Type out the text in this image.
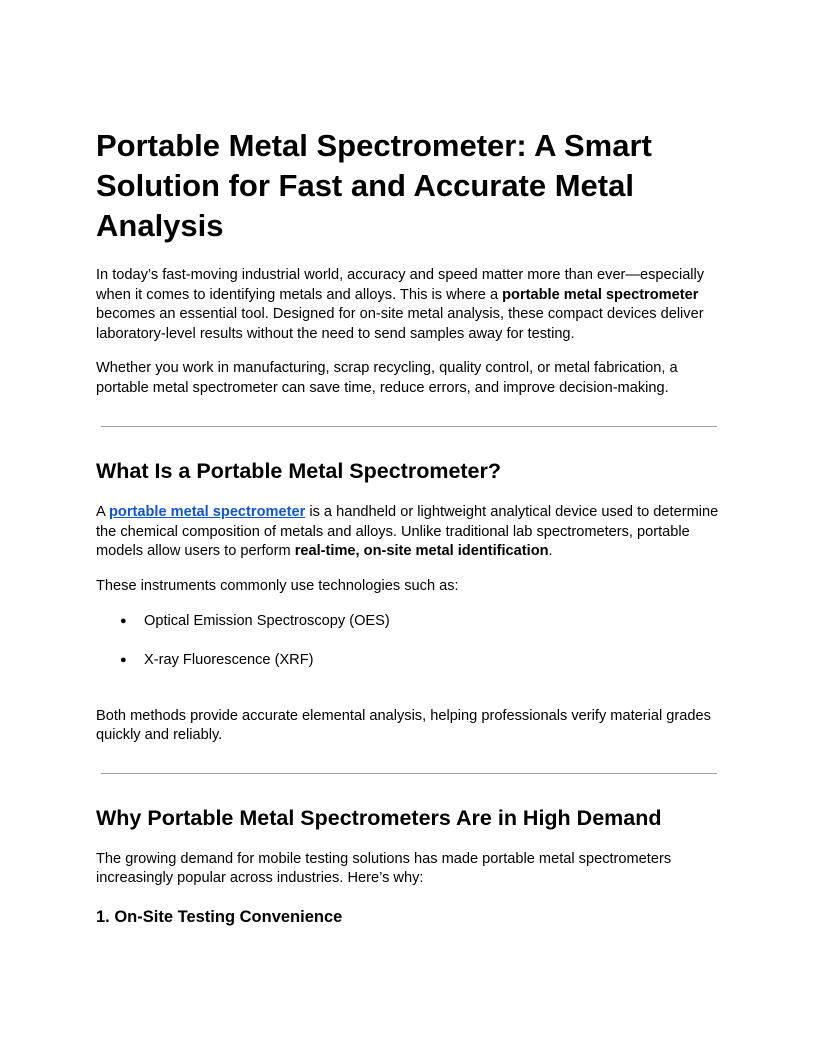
Portable Metal Spectrometer: A Smart Solution for Fast and Accurate Metal Analysis

In today’s fast-moving industrial world, accuracy and speed matter more than ever—especially when it comes to identifying metals and alloys. This is where a portable metal spectrometer becomes an essential tool. Designed for on-site metal analysis, these compact devices deliver laboratory-level results without the need to send samples away for testing.

Whether you work in manufacturing, scrap recycling, quality control, or metal fabrication, a portable metal spectrometer can save time, reduce errors, and improve decision-making.

What Is a Portable Metal Spectrometer?

A portable metal spectrometer is a handheld or lightweight analytical device used to determine the chemical composition of metals and alloys. Unlike traditional lab spectrometers, portable models allow users to perform real-time, on-site metal identification.

These instruments commonly use technologies such as:

● Optical Emission Spectroscopy (OES)
● X-ray Fluorescence (XRF)

Both methods provide accurate elemental analysis, helping professionals verify material grades quickly and reliably.

Why Portable Metal Spectrometers Are in High Demand

The growing demand for mobile testing solutions has made portable metal spectrometers increasingly popular across industries. Here’s why:

1. On-Site Testing Convenience
